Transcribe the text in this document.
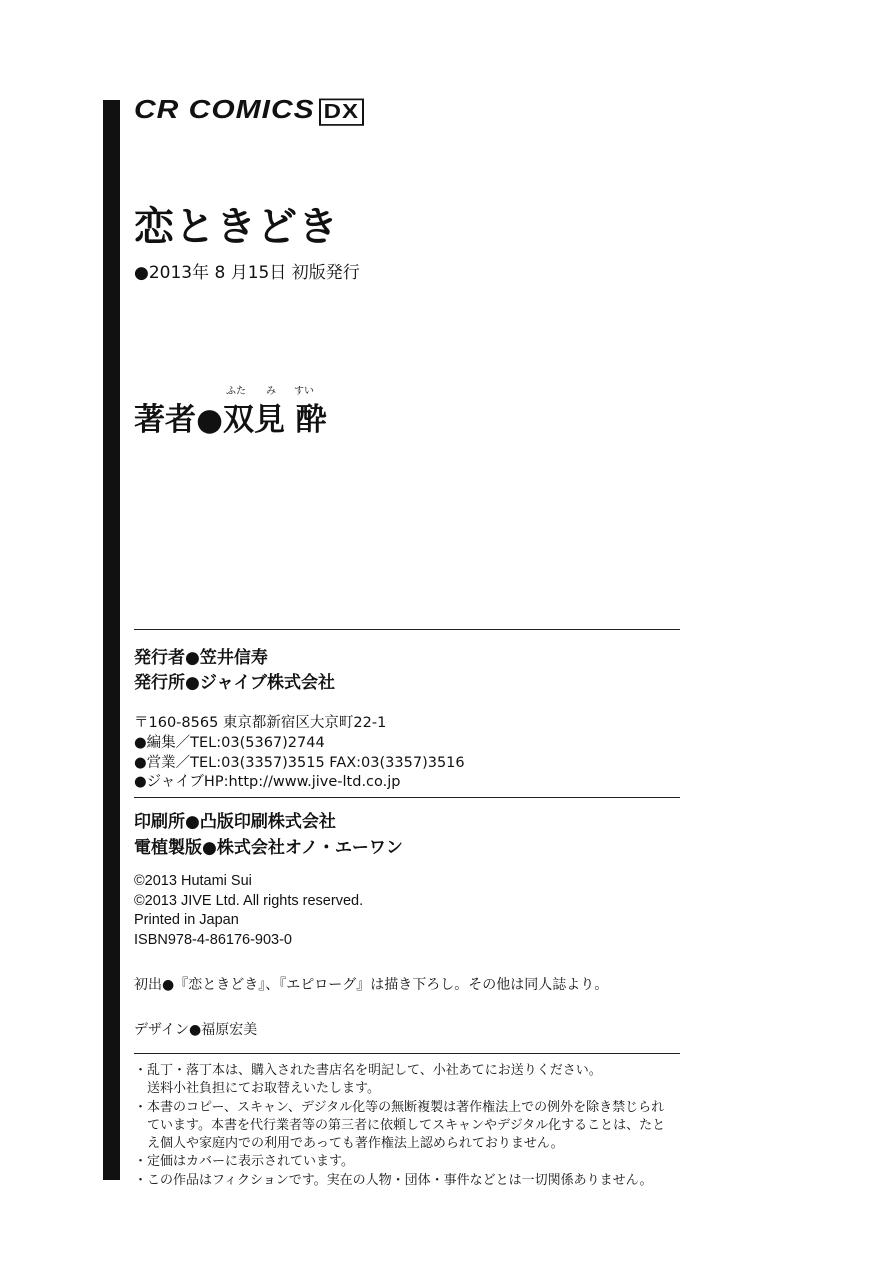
CR COMICS DX
恋ときどき
●2013年 8 月15日 初版発行
ふた み すい
著者●双見 酔
発行者●笠井信寿
発行所●ジャイブ株式会社
〒160-8565 東京都新宿区大京町22-1
●編集／TEL:03(5367)2744
●営業／TEL:03(3357)3515 FAX:03(3357)3516
●ジャイブHP:http://www.jive-ltd.co.jp
印刷所●凸版印刷株式会社
電植製版●株式会社オノ・エーワン
©2013 Hutami Sui
©2013 JIVE Ltd. All rights reserved.
Printed in Japan
ISBN978-4-86176-903-0
初出●『恋ときどき』、『エピローグ』は描き下ろし。その他は同人誌より。
デザイン●福原宏美
・乱丁・落丁本は、購入された書店名を明記して、小社あてにお送りください。
　送料小社負担にてお取替えいたします。
・本書のコピー、スキャン、デジタル化等の無断複製は著作権法上での例外を除き禁じられ
　ています。本書を代行業者等の第三者に依頼してスキャンやデジタル化することは、たと
　え個人や家庭内での利用であっても著作権法上認められておりません。
・定価はカバーに表示されています。
・この作品はフィクションです。実在の人物・団体・事件などとは一切関係ありません。
